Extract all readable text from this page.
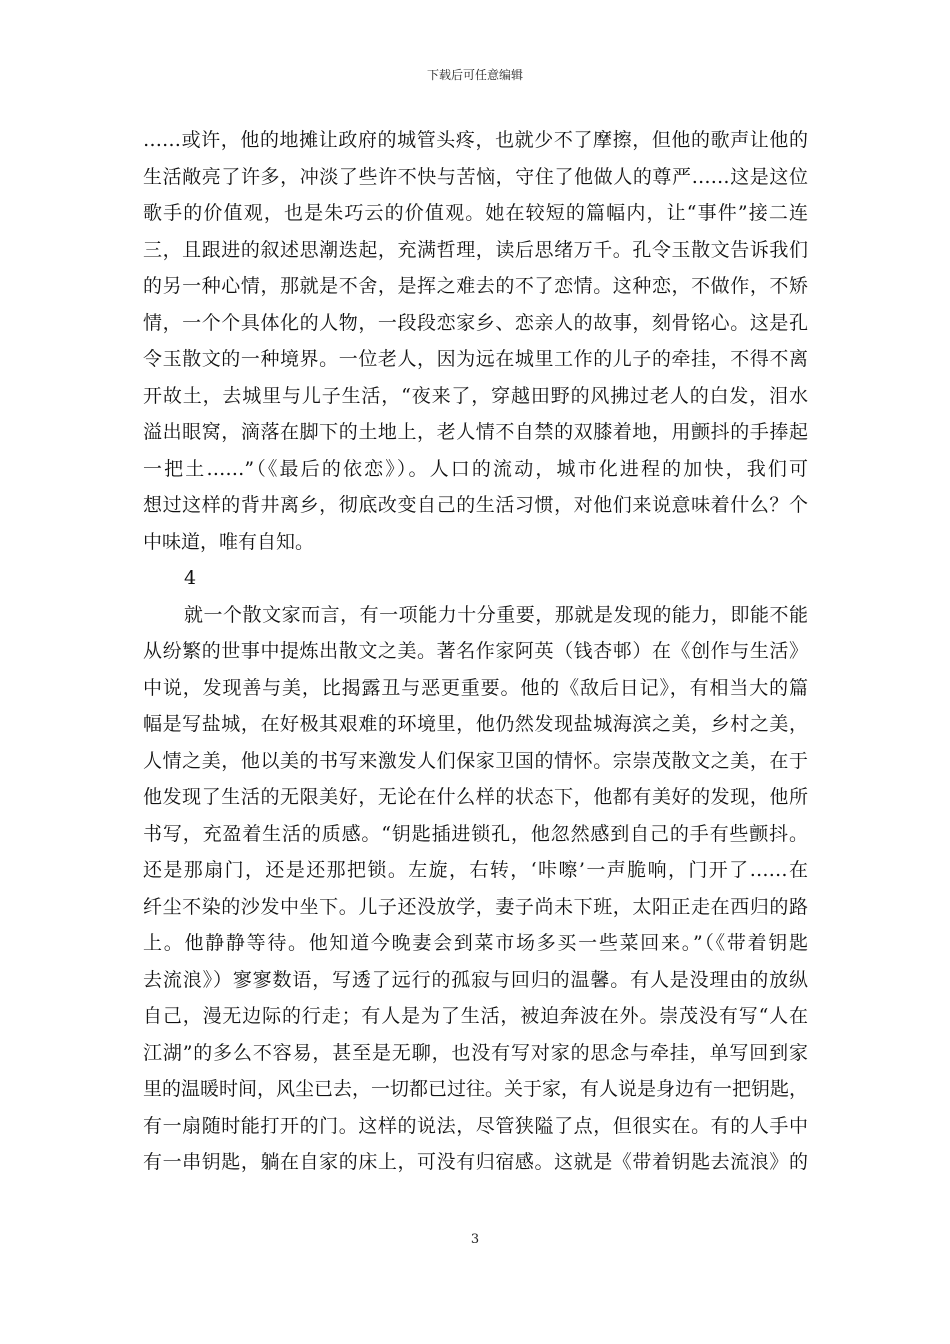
下载后可任意编辑
……或许，他的地摊让政府的城管头疼，也就少不了摩擦，但他的歌声让他的
生活敞亮了许多，冲淡了些许不快与苦恼，守住了他做人的尊严……这是这位
歌手的价值观，也是朱巧云的价值观。她在较短的篇幅内，让“事件”接二连
三，且跟进的叙述思潮迭起，充满哲理，读后思绪万千。孔令玉散文告诉我们
的另一种心情，那就是不舍，是挥之难去的不了恋情。这种恋，不做作，不矫
情，一个个具体化的人物，一段段恋家乡、恋亲人的故事，刻骨铭心。这是孔
令玉散文的一种境界。一位老人，因为远在城里工作的儿子的牵挂，不得不离
开故土，去城里与儿子生活，“夜来了，穿越田野的风拂过老人的白发，泪水
溢出眼窝，滴落在脚下的土地上，老人情不自禁的双膝着地，用颤抖的手捧起
一把土……”（《最后的依恋》）。人口的流动，城市化进程的加快，我们可
想过这样的背井离乡，彻底改变自己的生活习惯，对他们来说意味着什么？个
中味道，唯有自知。
4
就一个散文家而言，有一项能力十分重要，那就是发现的能力，即能不能
从纷繁的世事中提炼出散文之美。著名作家阿英（钱杏邨）在《创作与生活》
中说，发现善与美，比揭露丑与恶更重要。他的《敌后日记》，有相当大的篇
幅是写盐城，在好极其艰难的环境里，他仍然发现盐城海滨之美，乡村之美，
人情之美，他以美的书写来激发人们保家卫国的情怀。宗崇茂散文之美，在于
他发现了生活的无限美好，无论在什么样的状态下，他都有美好的发现，他所
书写，充盈着生活的质感。“钥匙插进锁孔，他忽然感到自己的手有些颤抖。
还是那扇门，还是还那把锁。左旋，右转，‘咔嚓’一声脆响，门开了……在
纤尘不染的沙发中坐下。儿子还没放学，妻子尚未下班，太阳正走在西归的路
上。他静静等待。他知道今晚妻会到菜市场多买一些菜回来。”（《带着钥匙
去流浪》）寥寥数语，写透了远行的孤寂与回归的温馨。有人是没理由的放纵
自己，漫无边际的行走；有人是为了生活，被迫奔波在外。崇茂没有写“人在
江湖”的多么不容易，甚至是无聊，也没有写对家的思念与牵挂，单写回到家
里的温暖时间，风尘已去，一切都已过往。关于家，有人说是身边有一把钥匙，
有一扇随时能打开的门。这样的说法，尽管狭隘了点，但很实在。有的人手中
有一串钥匙，躺在自家的床上，可没有归宿感。这就是《带着钥匙去流浪》的
3
